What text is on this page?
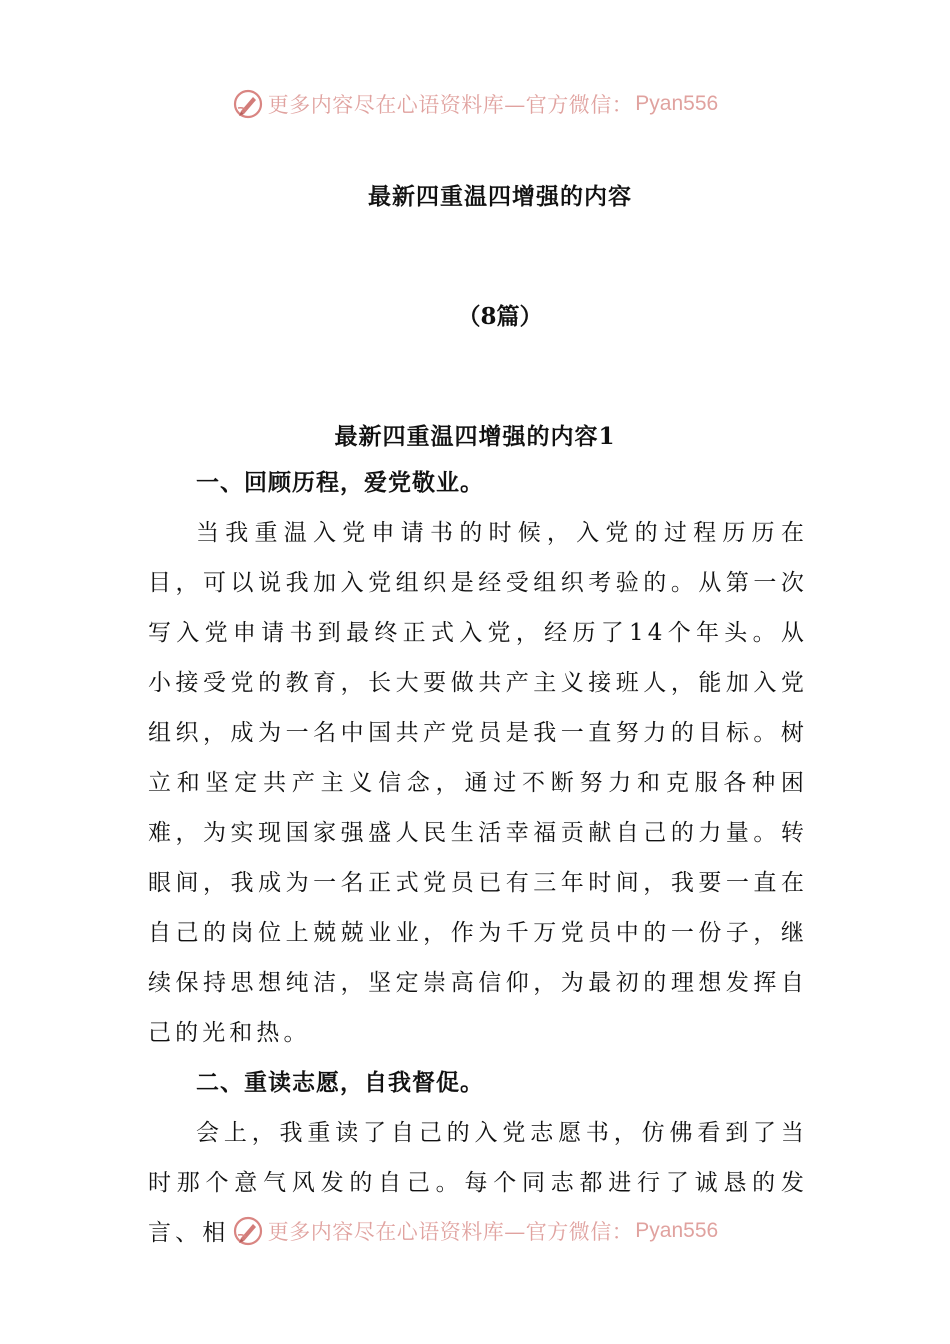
更多内容尽在心语资料库—官方微信： Pyan556
最新四重温四增强的内容
（8篇）
最新四重温四增强的内容1

一、回顾历程，爱党敬业。

当我重温入党申请书的时候，入党的过程历历在目，可以说我加入党组织是经受组织考验的。从第一次写入党申请书到最终正式入党，经历了14个年头。从小接受党的教育，长大要做共产主义接班人，能加入党组织，成为一名中国共产党员是我一直努力的目标。树立和坚定共产主义信念，通过不断努力和克服各种困难，为实现国家强盛人民生活幸福贡献自己的力量。转眼间，我成为一名正式党员已有三年时间，我要一直在自己的岗位上兢兢业业，作为千万党员中的一份子，继续保持思想纯洁，坚定崇高信仰，为最初的理想发挥自己的光和热。

二、重读志愿，自我督促。

会上，我重读了自己的入党志愿书，仿佛看到了当时那个意气风发的自己。每个同志都进行了诚恳的发言、相	更多内容尽在心语资料库—官方微信： Pyan556
